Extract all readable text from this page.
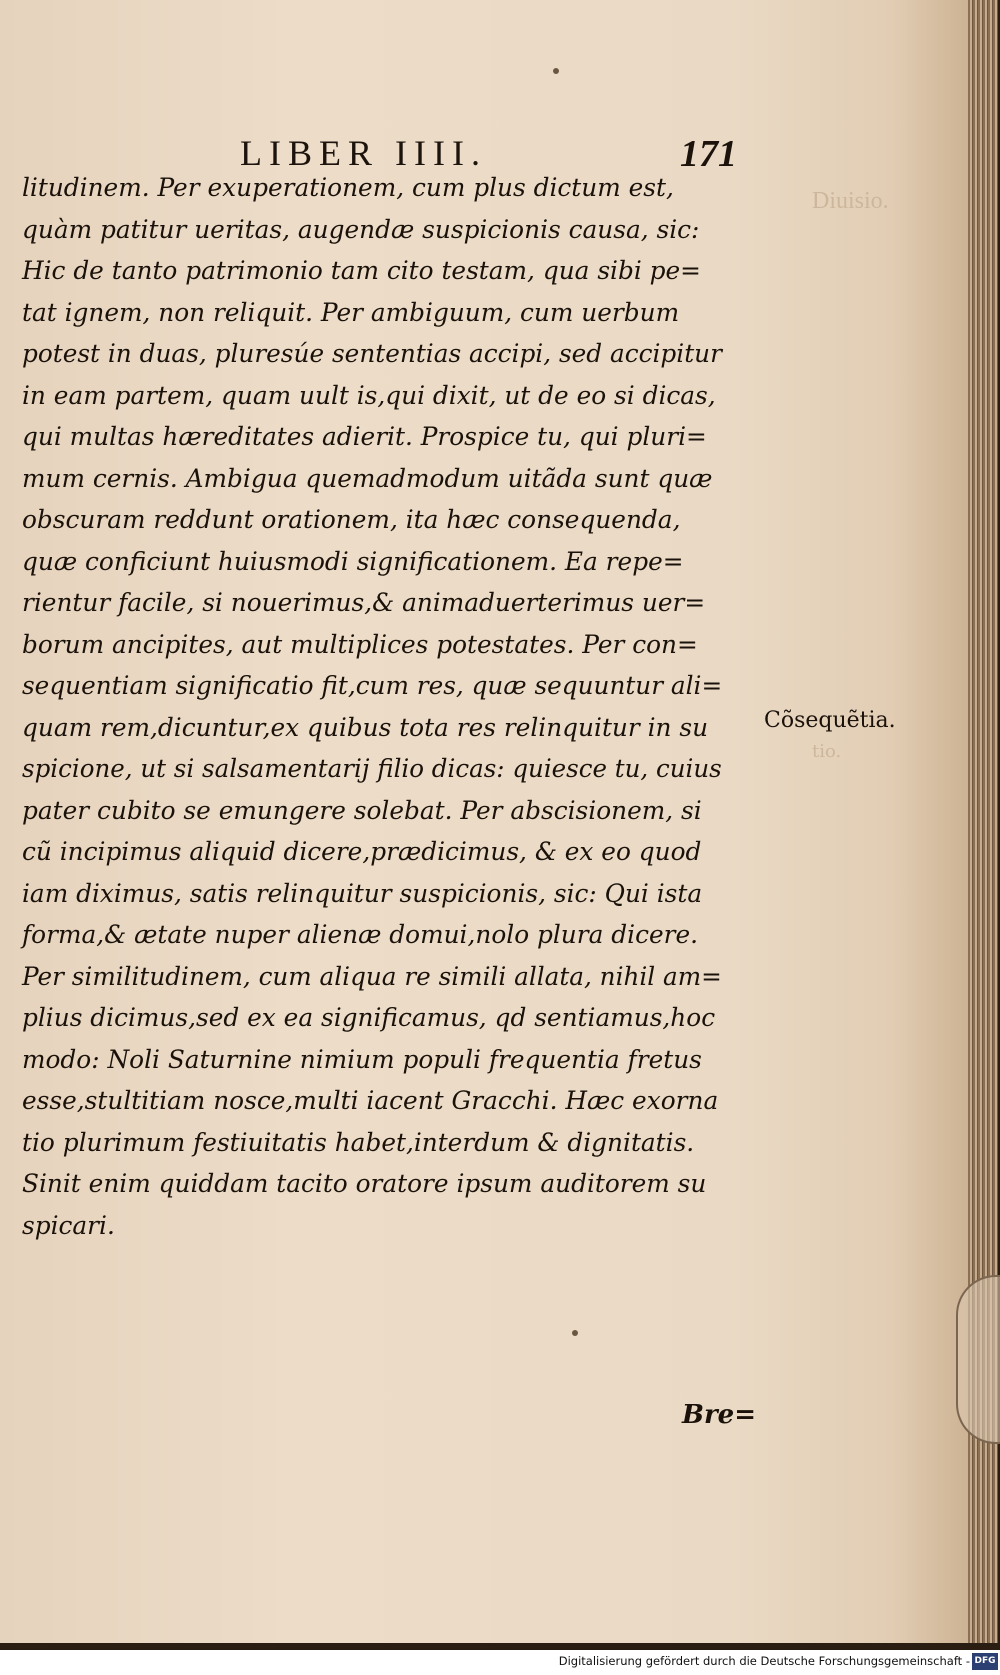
LIBER IIII.	171
Diuisio.
litudinem. Per exuperationem, cum plus dictum est,
quàm patitur ueritas, augendæ suspicionis causa, sic:
Hic de tanto patrimonio tam cito testam, qua sibi pe=
tat ignem, non reliquit. Per ambiguum, cum uerbum
potest in duas, pluresúe sententias accipi, sed accipitur
in eam partem, quam uult is,qui dixit, ut de eo si dicas,
qui multas hæreditates adierit. Prospice tu, qui pluri=
mum cernis. Ambigua quemadmodum uitãda sunt quæ
obscuram reddunt orationem, ita hæc consequenda,
quæ conficiunt huiusmodi significationem. Ea repe=
rientur facile, si nouerimus,& animaduerterimus uer=
borum ancipites, aut multiplices potestates. Per con=
sequentiam significatio fit,cum res, quæ sequuntur ali=
quam rem,dicuntur,ex quibus tota res relinquitur in su
spicione, ut si salsamentarij filio dicas: quiesce tu, cuius
pater cubito se emungere solebat. Per abscisionem, si
cũ incipimus aliquid dicere,prædicimus, & ex eo quod
iam diximus, satis relinquitur suspicionis, sic: Qui ista
forma,& ætate nuper alienæ domui,nolo plura dicere.
Per similitudinem, cum aliqua re simili allata, nihil am=
plius dicimus,sed ex ea significamus, qd sentiamus,hoc
modo: Noli Saturnine nimium populi frequentia fretus
esse,stultitiam nosce,multi iacent Gracchi. Hæc exorna
tio plurimum festiuitatis habet,interdum & dignitatis.
Sinit enim quiddam tacito oratore ipsum auditorem su
spicari.
Cõsequẽtia.
tio.
Bre=
Digitalisierung gefördert durch die Deutsche Forschungsgemeinschaft - DFG
